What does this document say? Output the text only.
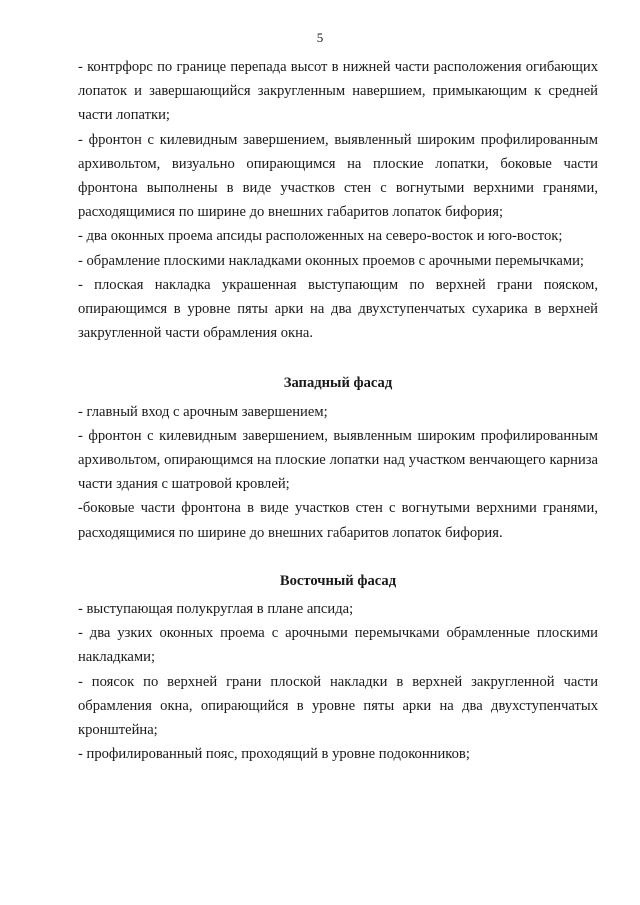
5

- контрфорс по границе перепада высот в нижней части расположения огибающих лопаток и завершающийся закругленным навершием, примыкающим к средней части лопатки;

- фронтон с килевидным завершением, выявленный широким профилированным архивольтом, визуально опирающимся на плоские лопатки, боковые части фронтона выполнены в виде участков стен с вогнутыми верхними гранями, расходящимися по ширине до внешних габаритов лопаток бифория;

- два оконных проема апсиды расположенных на северо-восток и юго-восток;

- обрамление плоскими накладками оконных проемов с арочными перемычками;

- плоская накладка украшенная выступающим по верхней грани пояском, опирающимся в уровне пяты арки на два двухступенчатых сухарика в верхней закругленной части обрамления окна.

Западный фасад

- главный вход с арочным завершением;

- фронтон с килевидным завершением, выявленным широким профилированным архивольтом, опирающимся на плоские лопатки над участком венчающего карниза части здания с шатровой кровлей;

-боковые части фронтона в виде участков стен с вогнутыми верхними гранями, расходящимися по ширине до внешних габаритов лопаток бифория.

Восточный фасад

- выступающая полукруглая в плане апсида;

- два узких оконных проема с арочными перемычками обрамленные плоскими накладками;

- поясок по верхней грани плоской накладки в верхней закругленной части обрамления окна, опирающийся в уровне пяты арки на два двухступенчатых кронштейна;

- профилированный пояс, проходящий в уровне подоконников;
